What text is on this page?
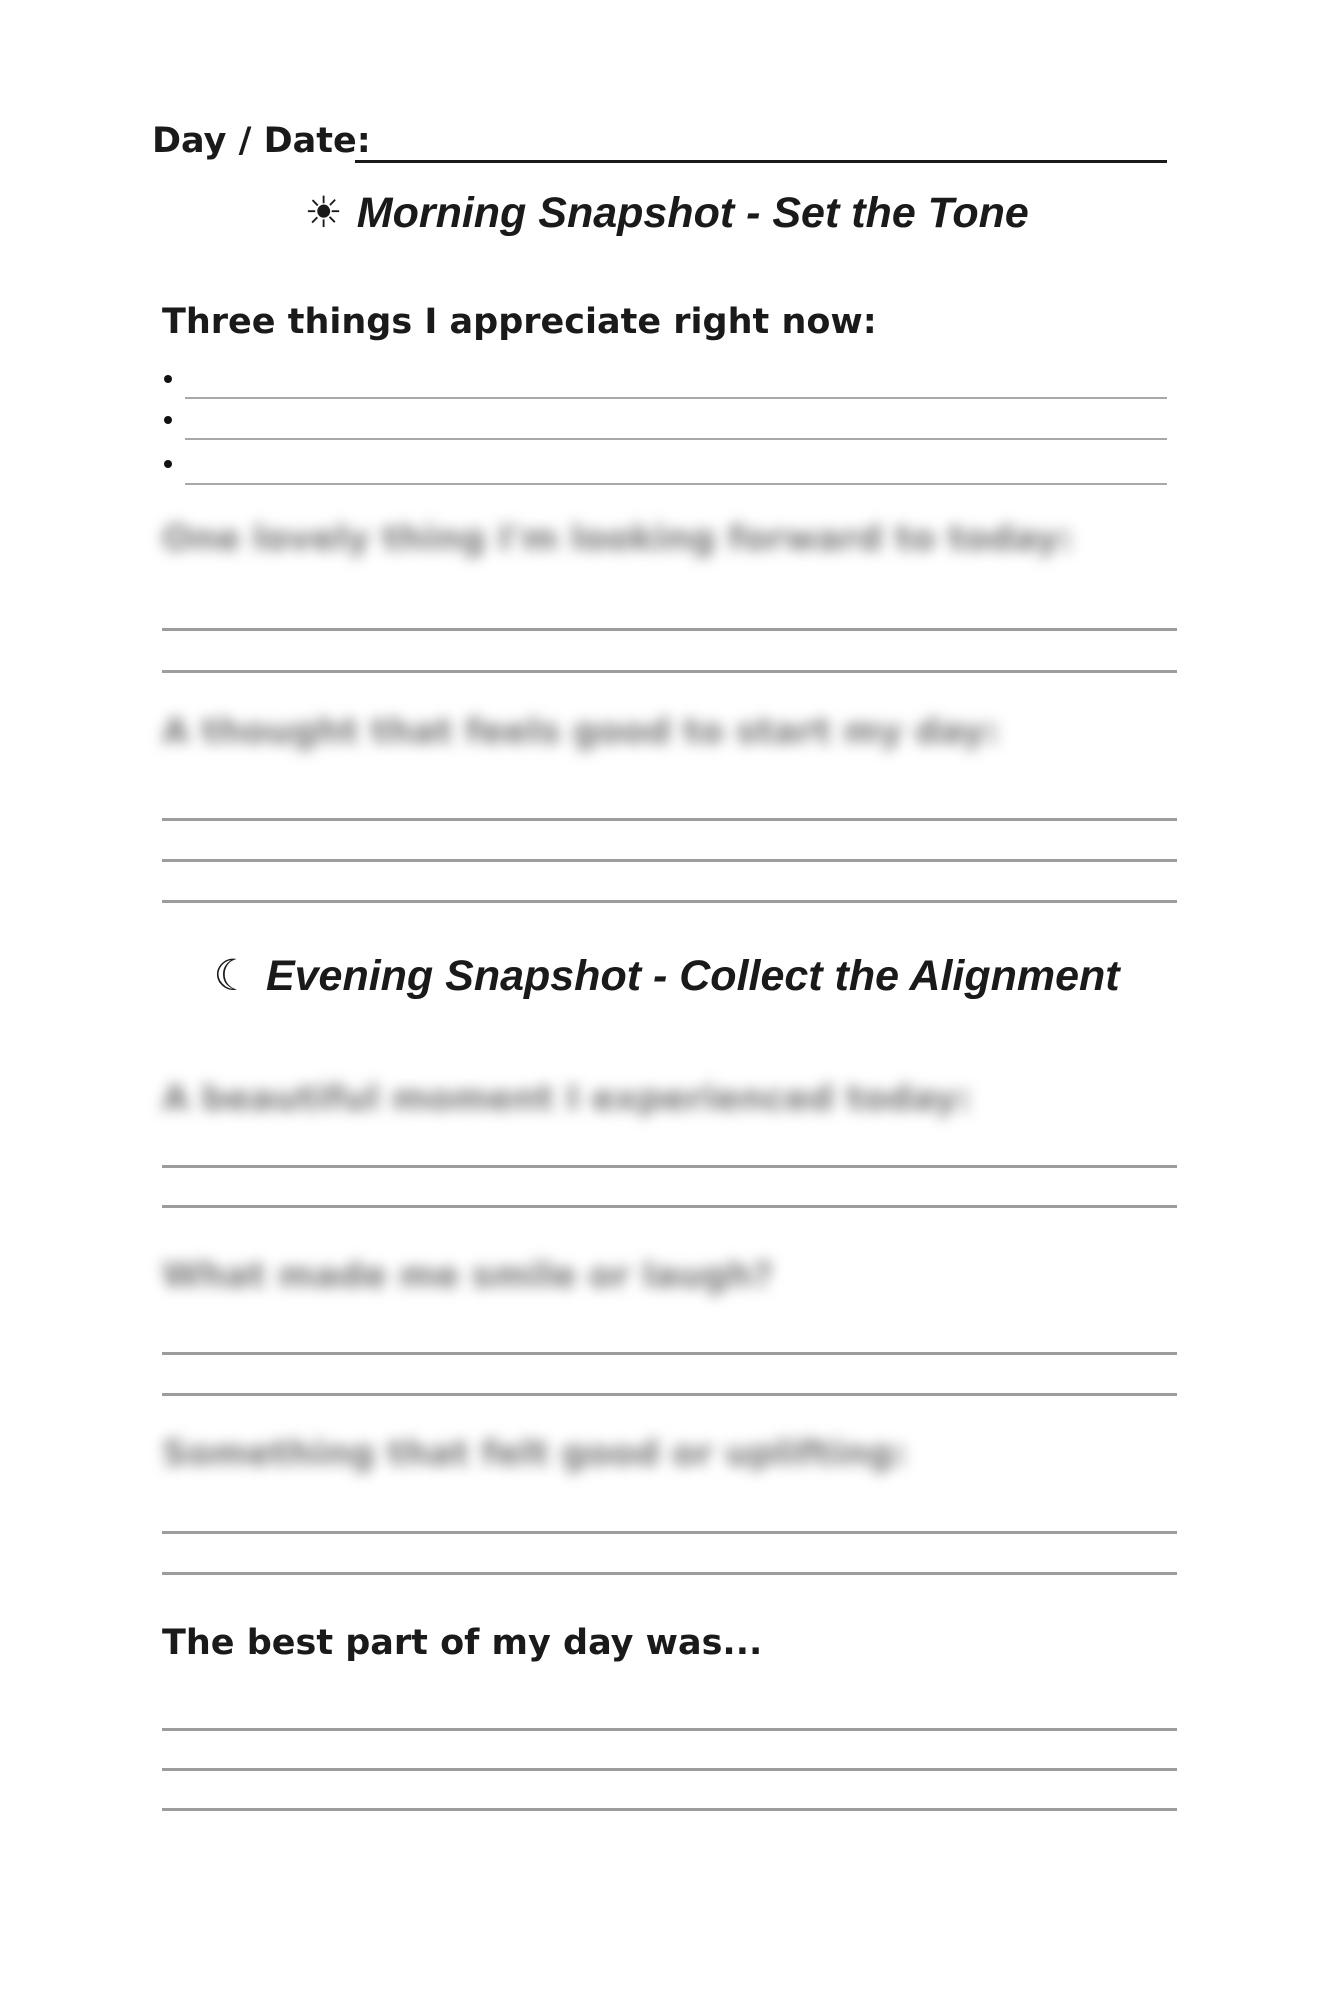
Day / Date:
☀ Morning Snapshot - Set the Tone
Three things I appreciate right now:
One lovely thing I'm looking forward to today:
A thought that feels good to start my day:
☾ Evening Snapshot - Collect the Alignment
A beautiful moment I experienced today:
What made me smile or laugh?
Something that felt good or uplifting:
The best part of my day was...
